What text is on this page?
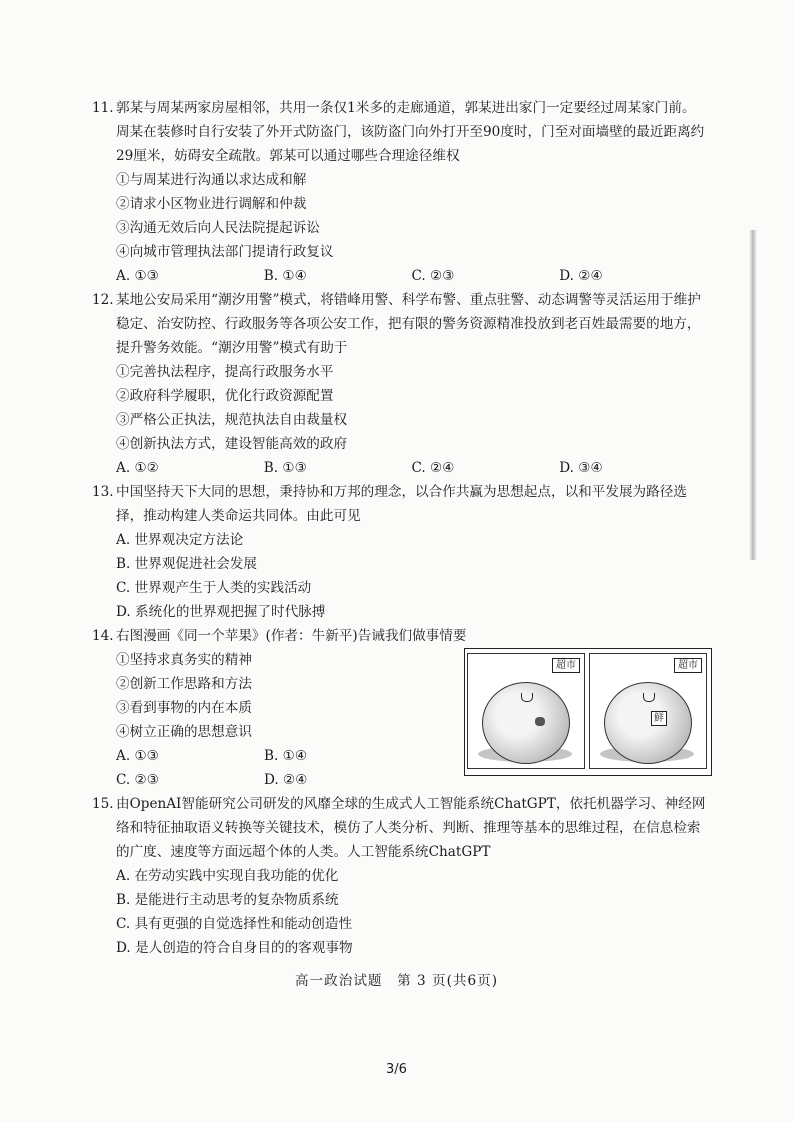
11. 郭某与周某两家房屋相邻，共用一条仅1米多的走廊通道，郭某进出家门一定要经过周某家门前。周某在装修时自行安装了外开式防盗门，该防盗门向外打开至90度时，门至对面墙壁的最近距离约29厘米，妨碍安全疏散。郭某可以通过哪些合理途径维权
①与周某进行沟通以求达成和解
②请求小区物业进行调解和仲裁
③沟通无效后向人民法院提起诉讼
④向城市管理执法部门提请行政复议
A. ①③	B. ①④	C. ②③	D. ②④
12. 某地公安局采用“潮汐用警”模式，将错峰用警、科学布警、重点驻警、动态调警等灵活运用于维护稳定、治安防控、行政服务等各项公安工作，把有限的警务资源精准投放到老百姓最需要的地方，提升警务效能。“潮汐用警”模式有助于
①完善执法程序，提高行政服务水平
②政府科学履职，优化行政资源配置
③严格公正执法，规范执法自由裁量权
④创新执法方式，建设智能高效的政府
A. ①②	B. ①③	C. ②④	D. ③④
13. 中国坚持天下大同的思想，秉持协和万邦的理念，以合作共赢为思想起点，以和平发展为路径选择，推动构建人类命运共同体。由此可见
A. 世界观决定方法论
B. 世界观促进社会发展
C. 世界观产生于人类的实践活动
D. 系统化的世界观把握了时代脉搏
14. 右图漫画《同一个苹果》(作者：牛新平)告诫我们做事情要
①坚持求真务实的精神
②创新工作思路和方法
③看到事物的内在本质
④树立正确的思想意识
A. ①③	B. ①④
C. ②③	D. ②④
超市	超市
鲜
15. 由OpenAI智能研究公司研发的风靡全球的生成式人工智能系统ChatGPT，依托机器学习、神经网络和特征抽取语义转换等关键技术，模仿了人类分析、判断、推理等基本的思维过程，在信息检索的广度、速度等方面远超个体的人类。人工智能系统ChatGPT
A. 在劳动实践中实现自我功能的优化
B. 是能进行主动思考的复杂物质系统
C. 具有更强的自觉选择性和能动创造性
D. 是人创造的符合自身目的的客观事物
高一政治试题　第 3 页(共6页)
3/6
